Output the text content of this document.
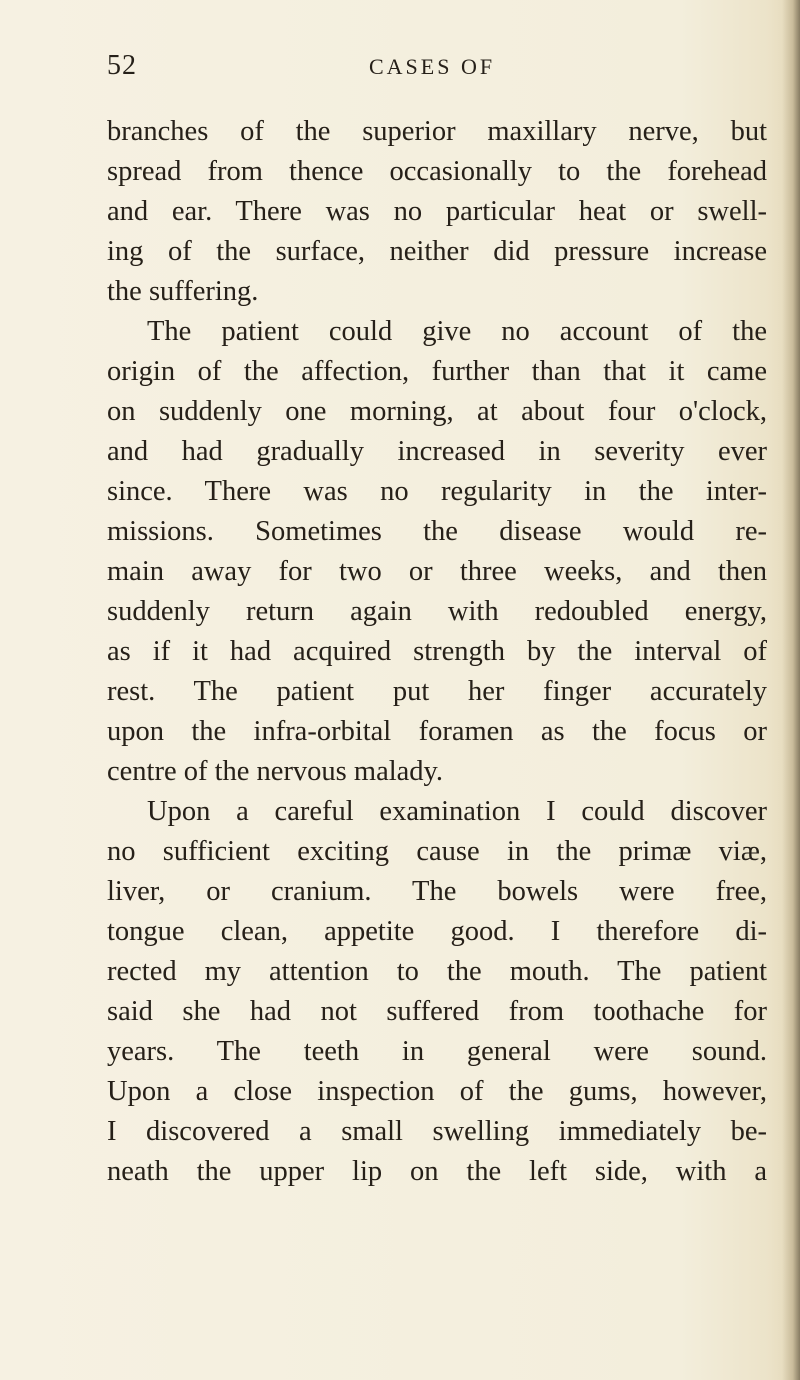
52	CASES OF
branches of the superior maxillary nerve, but
spread from thence occasionally to the forehead
and ear. There was no particular heat or swell-
ing of the surface, neither did pressure increase
the suffering.
The patient could give no account of the
origin of the affection, further than that it came
on suddenly one morning, at about four o'clock,
and had gradually increased in severity ever
since. There was no regularity in the inter-
missions. Sometimes the disease would re-
main away for two or three weeks, and then
suddenly return again with redoubled energy,
as if it had acquired strength by the interval of
rest. The patient put her finger accurately
upon the infra-orbital foramen as the focus or
centre of the nervous malady.
Upon a careful examination I could discover
no sufficient exciting cause in the primæ viæ,
liver, or cranium. The bowels were free,
tongue clean, appetite good. I therefore di-
rected my attention to the mouth. The patient
said she had not suffered from toothache for
years. The teeth in general were sound.
Upon a close inspection of the gums, however,
I discovered a small swelling immediately be-
neath the upper lip on the left side, with a
